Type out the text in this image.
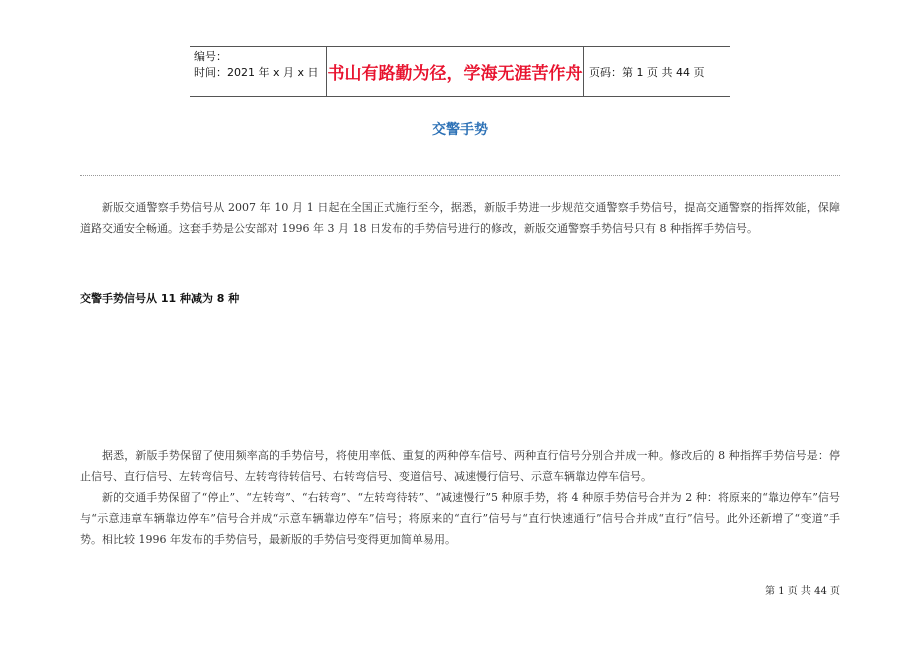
编号：
时间：2021 年 x 月 x 日 书山有路勤为径，学海无涯苦作舟 页码：第 1 页 共 44 页
交警手势

新版交通警察手势信号从 2007 年 10 月 1 日起在全国正式施行至今，据悉，新版手势进一步规范交通警察手势信号，提高交通警察的指挥效能，保障道路交通安全畅通。这套手势是公安部对 1996 年 3 月 18 日发布的手势信号进行的修改，新版交通警察手势信号只有 8 种指挥手势信号。

交警手势信号从 11 种减为 8 种

据悉，新版手势保留了使用频率高的手势信号，将使用率低、重复的两种停车信号、两种直行信号分别合并成一种。修改后的 8 种指挥手势信号是：停止信号、直行信号、左转弯信号、左转弯待转信号、右转弯信号、变道信号、减速慢行信号、示意车辆靠边停车信号。

新的交通手势保留了“停止”、“左转弯”、“右转弯”、“左转弯待转”、“减速慢行”5 种原手势，将 4 种原手势信号合并为 2 种：将原来的“靠边停车”信号与“示意违章车辆靠边停车”信号合并成“示意车辆靠边停车”信号；将原来的“直行”信号与“直行快速通行”信号合并成“直行”信号。此外还新增了“变道”手势。相比较 1996 年发布的手势信号，最新版的手势信号变得更加简单易用。

第 1 页 共 44 页
